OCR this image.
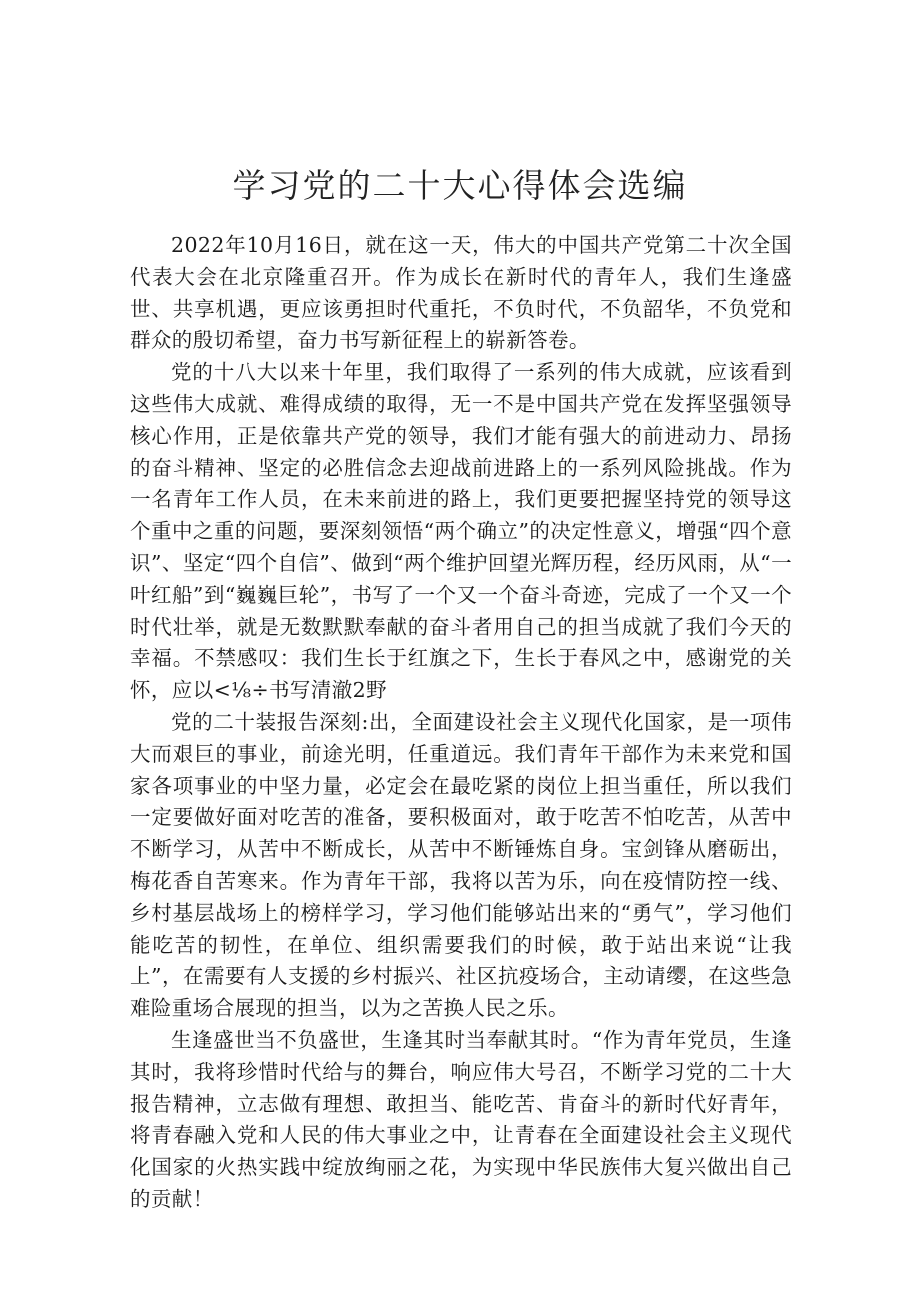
学习党的二十大心得体会选编

2022年10月16日，就在这一天，伟大的中国共产党第二十次全国代表大会在北京隆重召开。作为成长在新时代的青年人，我们生逢盛世、共享机遇，更应该勇担时代重托，不负时代，不负韶华，不负党和群众的殷切希望，奋力书写新征程上的崭新答卷。

党的十八大以来十年里，我们取得了一系列的伟大成就，应该看到这些伟大成就、难得成绩的取得，无一不是中国共产党在发挥坚强领导核心作用，正是依靠共产党的领导，我们才能有强大的前进动力、昂扬的奋斗精神、坚定的必胜信念去迎战前进路上的一系列风险挑战。作为一名青年工作人员，在未来前进的路上，我们更要把握坚持党的领导这个重中之重的问题，要深刻领悟“两个确立”的决定性意义，增强“四个意识”、坚定“四个自信”、做到“两个维护回望光辉历程，经历风雨，从“一叶红船”到“巍巍巨轮”，书写了一个又一个奋斗奇迹，完成了一个又一个时代壮举，就是无数默默奉献的奋斗者用自己的担当成就了我们今天的幸福。不禁感叹：我们生长于红旗之下，生长于春风之中，感谢党的关怀，应以<⅛÷书写清澈2野

党的二十装报告深刻:出，全面建设社会主义现代化国家，是一项伟大而艰巨的事业，前途光明，任重道远。我们青年干部作为未来党和国家各项事业的中坚力量，必定会在最吃紧的岗位上担当重任，所以我们一定要做好面对吃苦的准备，要积极面对，敢于吃苦不怕吃苦，从苦中不断学习，从苦中不断成长，从苦中不断锤炼自身。宝剑锋从磨砺出，梅花香自苦寒来。作为青年干部，我将以苦为乐，向在疫情防控一线、乡村基层战场上的榜样学习，学习他们能够站出来的“勇气”，学习他们能吃苦的韧性，在单位、组织需要我们的时候，敢于站出来说“让我上”，在需要有人支援的乡村振兴、社区抗疫场合，主动请缨，在这些急难险重场合展现的担当，以为之苦换人民之乐。

生逢盛世当不负盛世，生逢其时当奉献其时。“作为青年党员，生逢其时，我将珍惜时代给与的舞台，响应伟大号召，不断学习党的二十大报告精神，立志做有理想、敢担当、能吃苦、肯奋斗的新时代好青年，将青春融入党和人民的伟大事业之中，让青春在全面建设社会主义现代化国家的火热实践中绽放绚丽之花，为实现中华民族伟大复兴做出自己的贡献！
